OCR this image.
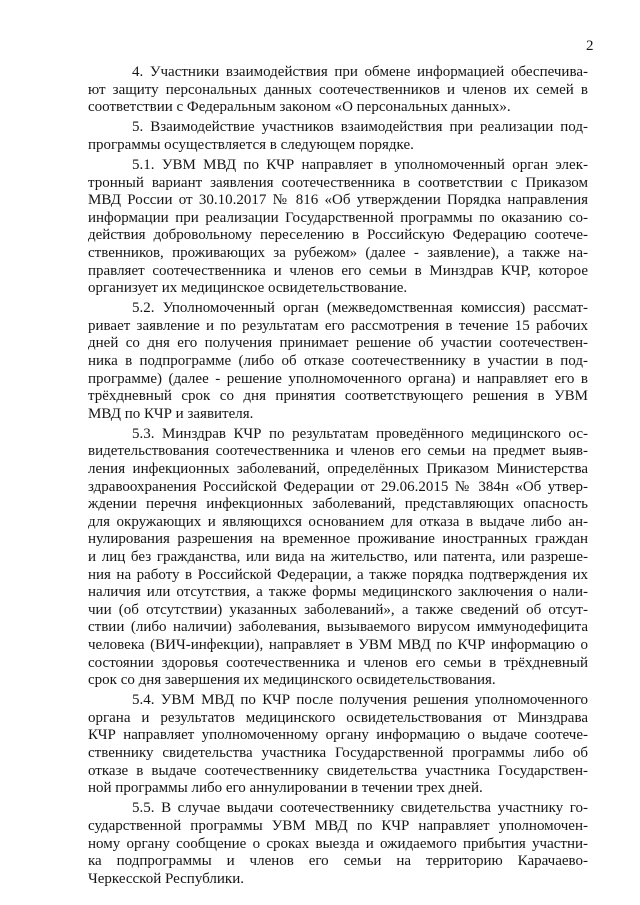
2
4. Участники взаимодействия при обмене информацией обеспечива-
ют защиту персональных данных соотечественников и членов их семей в
соответствии с Федеральным законом «О персональных данных».
5. Взаимодействие участников взаимодействия при реализации под-
программы осуществляется в следующем порядке.
5.1. УВМ МВД по КЧР направляет в уполномоченный орган элек-
тронный вариант заявления соотечественника в соответствии с Приказом
МВД России от 30.10.2017 № 816 «Об утверждении Порядка направления
информации при реализации Государственной программы по оказанию со-
действия добровольному переселению в Российскую Федерацию соотече-
ственников, проживающих за рубежом» (далее - заявление), а также на-
правляет соотечественника и членов его семьи в Минздрав КЧР, которое
организует их медицинское освидетельствование.
5.2. Уполномоченный орган (межведомственная комиссия) рассмат-
ривает заявление и по результатам его рассмотрения в течение 15 рабочих
дней со дня его получения принимает решение об участии соотечествен-
ника в подпрограмме (либо об отказе соотечественнику в участии в под-
программе) (далее - решение уполномоченного органа) и направляет его в
трёхдневный срок со дня принятия соответствующего решения в УВМ
МВД по КЧР и заявителя.
5.3. Минздрав КЧР по результатам проведённого медицинского ос-
видетельствования соотечественника и членов его семьи на предмет выяв-
ления инфекционных заболеваний, определённых Приказом Министерства
здравоохранения Российской Федерации от 29.06.2015 № 384н «Об утвер-
ждении перечня инфекционных заболеваний, представляющих опасность
для окружающих и являющихся основанием для отказа в выдаче либо ан-
нулирования разрешения на временное проживание иностранных граждан
и лиц без гражданства, или вида на жительство, или патента, или разреше-
ния на работу в Российской Федерации, а также порядка подтверждения их
наличия или отсутствия, а также формы медицинского заключения о нали-
чии (об отсутствии) указанных заболеваний», а также сведений об отсут-
ствии (либо наличии) заболевания, вызываемого вирусом иммунодефицита
человека (ВИЧ-инфекции), направляет в УВМ МВД по КЧР информацию о
состоянии здоровья соотечественника и членов его семьи в трёхдневный
срок со дня завершения их медицинского освидетельствования.
5.4. УВМ МВД по КЧР после получения решения уполномоченного
органа и результатов медицинского освидетельствования от Минздрава
КЧР направляет уполномоченному органу информацию о выдаче соотече-
ственнику свидетельства участника Государственной программы либо об
отказе в выдаче соотечественнику свидетельства участника Государствен-
ной программы либо его аннулировании в течении трех дней.
5.5. В случае выдачи соотечественнику свидетельства участнику го-
сударственной программы УВМ МВД по КЧР направляет уполномочен-
ному органу сообщение о сроках выезда и ожидаемого прибытия участни-
ка подпрограммы и членов его семьи на территорию Карачаево-
Черкесской Республики.
